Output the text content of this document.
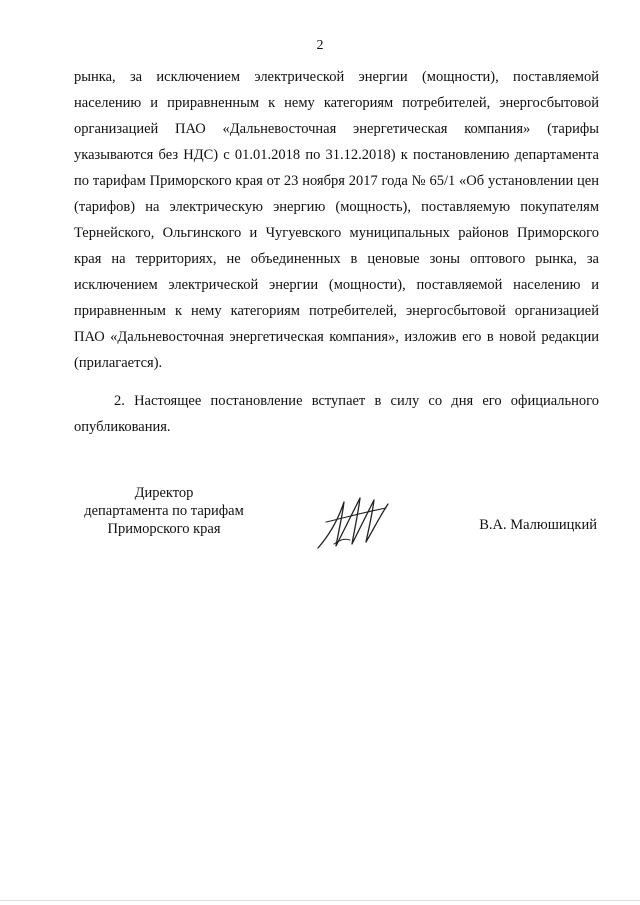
2

рынка, за исключением электрической энергии (мощности), поставляемой населению и приравненным к нему категориям потребителей, энергосбытовой организацией ПАО «Дальневосточная энергетическая компания» (тарифы указываются без НДС) с 01.01.2018 по 31.12.2018) к постановлению департамента по тарифам Приморского края от 23 ноября 2017 года № 65/1 «Об установлении цен (тарифов) на электрическую энергию (мощность), поставляемую покупателям Тернейского, Ольгинского и Чугуевского муниципальных районов Приморского края на территориях, не объединенных в ценовые зоны оптового рынка, за исключением электрической энергии (мощности), поставляемой населению и приравненным к нему категориям потребителей, энергосбытовой организацией ПАО «Дальневосточная энергетическая компания», изложив его в новой редакции (прилагается).

2. Настоящее постановление вступает в силу со дня его официального опубликования.

Директор
департамента по тарифам
Приморского края	В.А. Малюшицкий
